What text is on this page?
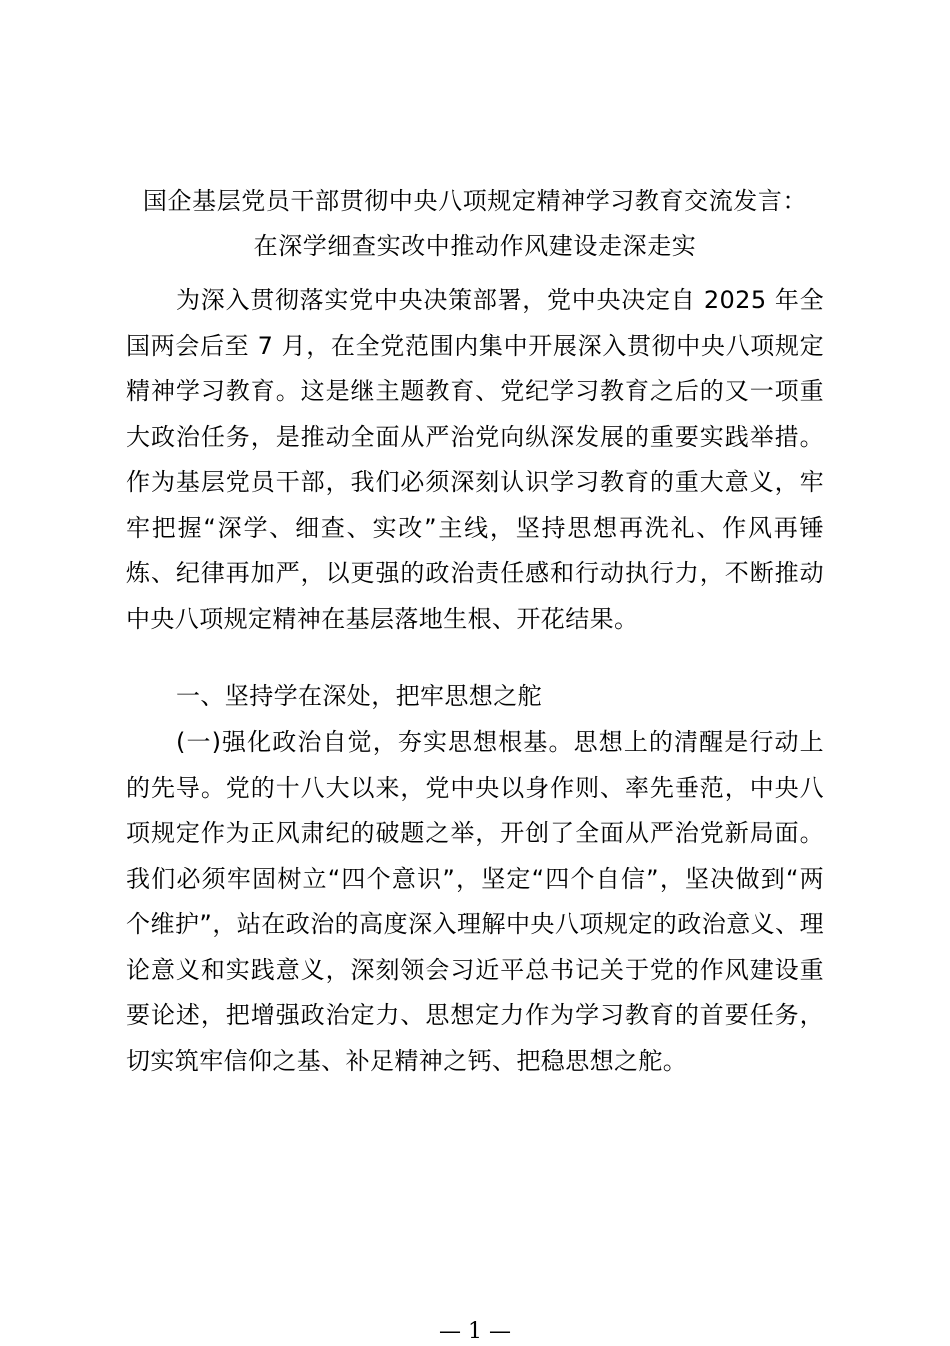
国企基层党员干部贯彻中央八项规定精神学习教育交流发言：
在深学细查实改中推动作风建设走深走实

为深入贯彻落实党中央决策部署，党中央决定自 2025 年全国两会后至 7 月，在全党范围内集中开展深入贯彻中央八项规定精神学习教育。这是继主题教育、党纪学习教育之后的又一项重大政治任务，是推动全面从严治党向纵深发展的重要实践举措。作为基层党员干部，我们必须深刻认识学习教育的重大意义，牢牢把握“深学、细查、实改”主线，坚持思想再洗礼、作风再锤炼、纪律再加严，以更强的政治责任感和行动执行力，不断推动中央八项规定精神在基层落地生根、开花结果。

一、坚持学在深处，把牢思想之舵

(一)强化政治自觉，夯实思想根基。思想上的清醒是行动上的先导。党的十八大以来，党中央以身作则、率先垂范，中央八项规定作为正风肃纪的破题之举，开创了全面从严治党新局面。我们必须牢固树立“四个意识”，坚定“四个自信”，坚决做到“两个维护”，站在政治的高度深入理解中央八项规定的政治意义、理论意义和实践意义，深刻领会习近平总书记关于党的作风建设重要论述，把增强政治定力、思想定力作为学习教育的首要任务，切实筑牢信仰之基、补足精神之钙、把稳思想之舵。

— 1 —
